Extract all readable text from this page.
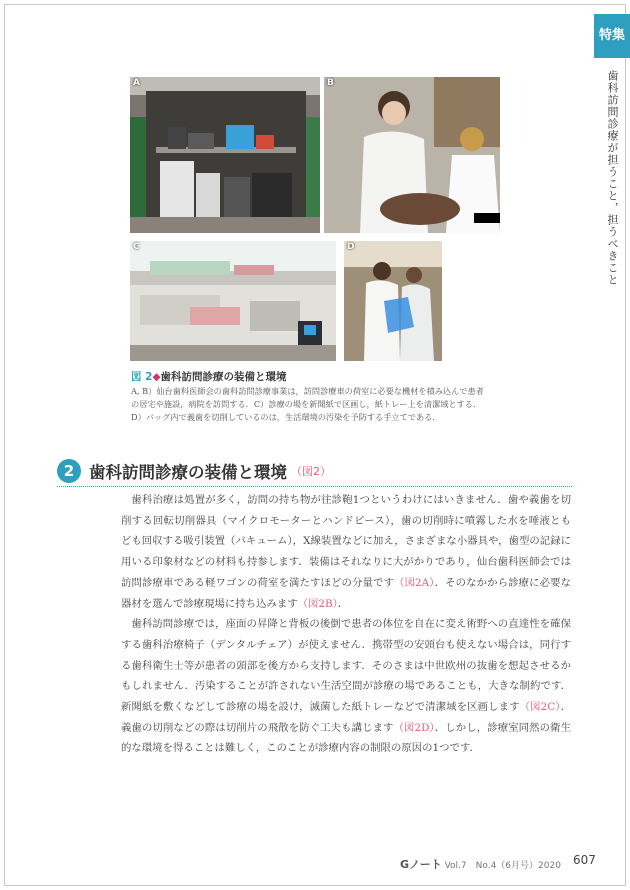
特集
歯科訪問診療が担うこと，担うべきこと
A	B
C	D
図 2◆歯科訪問診療の装備と環境
A, B）仙台歯科医師会の歯科訪問診療事業は，訪問診療車の荷室に必要な機材を積み込んで患者
の居宅や施設，病院を訪問する．C）診療の場を新聞紙で区画し，紙トレー上を清潔域とする．
D）バッグ内で義歯を切削しているのは，生活環境の汚染を予防する手立てである．
2 歯科訪問診療の装備と環境 （図2）

歯科治療は処置が多く，訪問の持ち物が往診鞄1つというわけにはいきません．歯や義歯を切削する回転切削器具（マイクロモーターとハンドピース），歯の切削時に噴霧した水を唾液ともども回収する吸引装置（バキューム），X線装置などに加え，さまざまな小器具や，歯型の記録に用いる印象材などの材料も持参します．装備はそれなりに大がかりであり，仙台歯科医師会では訪問診療車である軽ワゴンの荷室を満たすほどの分量です（図2A）．そのなかから診療に必要な器材を選んで診療現場に持ち込みます（図2B）．

歯科訪問診療では，座面の昇降と背板の後倒で患者の体位を自在に変え術野への直達性を確保する歯科治療椅子（デンタルチェア）が使えません．携帯型の安頭台も使えない場合は，同行する歯科衛生士等が患者の頭部を後方から支持します．そのさまは中世欧州の抜歯を想起させるかもしれません．汚染することが許されない生活空間が診療の場であることも，大きな制約です．新聞紙を敷くなどして診療の場を設け，滅菌した紙トレーなどで清潔域を区画します（図2C）．義歯の切削などの際は切削片の飛散を防ぐ工夫も講じます（図2D）．しかし，診療室同然の衛生的な環境を得ることは難しく，このことが診療内容の制限の原因の1つです．

Gノート Vol.7　No.4（6月号）2020 607
